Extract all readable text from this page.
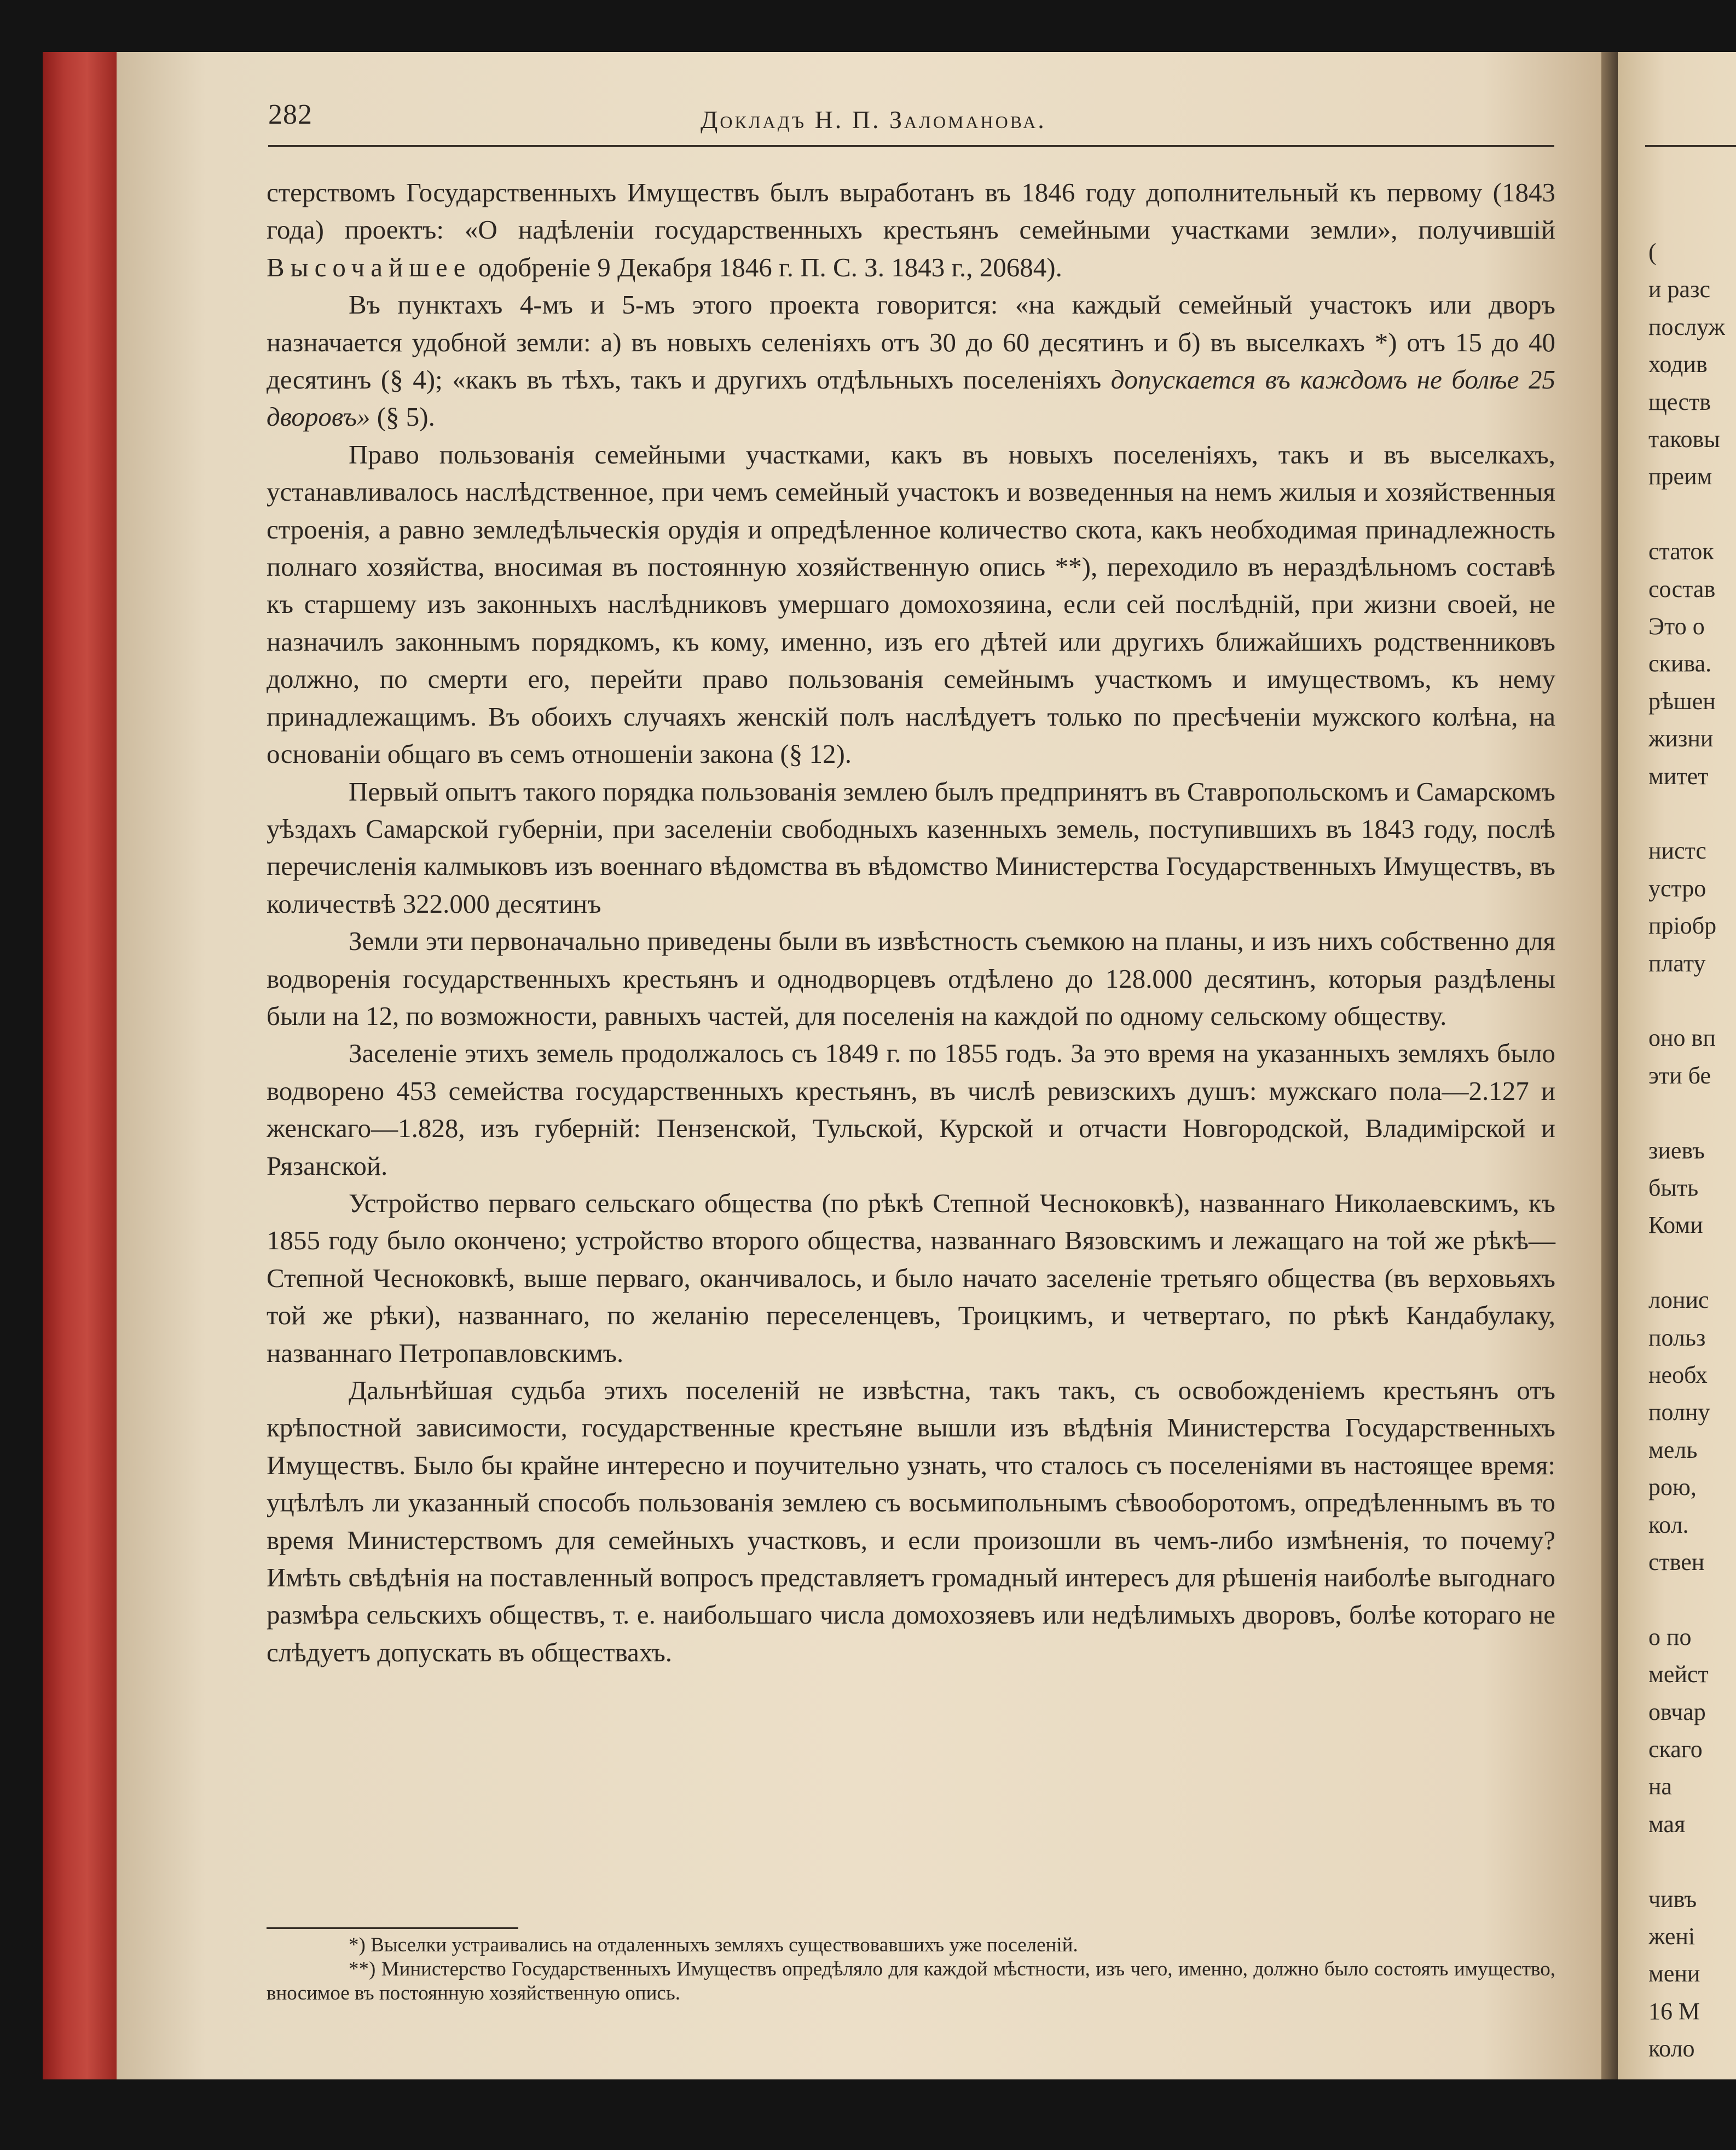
282	Докладъ Н. П. Заломанова.

стерствомъ Государственныхъ Имуществъ былъ выработанъ въ 1846 году дополнительный къ первому (1843 года) проектъ: «О надѣленіи государственныхъ крестьянъ семейными участками земли», получившій Высочайшее одобреніе 9 Декабря 1846 г. П. С. З. 1843 г., 20684).

Въ пунктахъ 4-мъ и 5-мъ этого проекта говорится: «на каждый семейный участокъ или дворъ назначается удобной земли: а) въ новыхъ селеніяхъ отъ 30 до 60 десятинъ и б) въ выселкахъ *) отъ 15 до 40 десятинъ (§ 4); «какъ въ тѣхъ, такъ и другихъ отдѣльныхъ поселеніяхъ допускается въ каждомъ не болѣе 25 дворовъ» (§ 5).

Право пользованія семейными участками, какъ въ новыхъ поселеніяхъ, такъ и въ выселкахъ, устанавливалось наслѣдственное, при чемъ семейный участокъ и возведенныя на немъ жилыя и хозяйственныя строенія, а равно земледѣльческія орудія и опредѣленное количество скота, какъ необходимая принадлежность полнаго хозяйства, вносимая въ постоянную хозяйственную опись **), переходило въ нераздѣльномъ составѣ къ старшему изъ законныхъ наслѣдниковъ умершаго домохозяина, если сей послѣдній, при жизни своей, не назначилъ законнымъ порядкомъ, къ кому, именно, изъ его дѣтей или другихъ ближайшихъ родственниковъ должно, по смерти его, перейти право пользованія семейнымъ участкомъ и имуществомъ, къ нему принадлежащимъ. Въ обоихъ случаяхъ женскій полъ наслѣдуетъ только по пресѣченіи мужского колѣна, на основаніи общаго въ семъ отношеніи закона (§ 12).

Первый опытъ такого порядка пользованія землею былъ предпринятъ въ Ставропольскомъ и Самарскомъ уѣздахъ Самарской губерніи, при заселеніи свободныхъ казенныхъ земель, поступившихъ въ 1843 году, послѣ перечисленія калмыковъ изъ военнаго вѣдомства въ вѣдомство Министерства Государственныхъ Имуществъ, въ количествѣ 322.000 десятинъ

Земли эти первоначально приведены были въ извѣстность съемкою на планы, и изъ нихъ собственно для водворенія государственныхъ крестьянъ и однодворцевъ отдѣлено до 128.000 десятинъ, которыя раздѣлены были на 12, по возможности, равныхъ частей, для поселенія на каждой по одному сельскому обществу.

Заселеніе этихъ земель продолжалось съ 1849 г. по 1855 годъ. За это время на указанныхъ земляхъ было водворено 453 семейства государственныхъ крестьянъ, въ числѣ ревизскихъ душъ: мужскаго пола—2.127 и женскаго—1.828, изъ губерній: Пензенской, Тульской, Курской и отчасти Новгородской, Владимірской и Рязанской.

Устройство перваго сельскаго общества (по рѣкѣ Степной Чесноковкѣ), названнаго Николаевскимъ, къ 1855 году было окончено; устройство второго общества, названнаго Вязовскимъ и лежащаго на той же рѣкѣ—Степной Чесноковкѣ, выше перваго, оканчивалось, и было начато заселеніе третьяго общества (въ верховьяхъ той же рѣки), названнаго, по желанію переселенцевъ, Троицкимъ, и четвертаго, по рѣкѣ Кандабулаку, названнаго Петропавловскимъ.

Дальнѣйшая судьба этихъ поселеній не извѣстна, такъ такъ, съ освобожденіемъ крестьянъ отъ крѣпостной зависимости, государственные крестьяне вышли изъ вѣдѣнія Министерства Государственныхъ Имуществъ. Было бы крайне интересно и поучительно узнать, что сталось съ поселеніями въ настоящее время: уцѣлѣлъ ли указанный способъ пользованія землею съ восьмипольнымъ сѣвооборотомъ, опредѣленнымъ въ то время Министерствомъ для семейныхъ участковъ, и если произошли въ чемъ-либо измѣненія, то почему? Имѣть свѣдѣнія на поставленный вопросъ представляетъ громадный интересъ для рѣшенія наиболѣе выгоднаго размѣра сельскихъ обществъ, т. е. наибольшаго числа домохозяевъ или недѣлимыхъ дворовъ, болѣе котораго не слѣдуетъ допускать въ обществахъ.

*) Выселки устраивались на отдаленныхъ земляхъ существовавшихъ уже поселеній.

**) Министерство Государственныхъ Имуществъ опредѣляло для каждой мѣстности, изъ чего, именно, должно было состоять имущество, вносимое въ постоянную хозяйственную опись.

(
и разс
послуж
ходив
ществ
таковы
преим
статок
состав
Это о
скива.
рѣшен
жизни
митет
нистс
устро
пріобр
плату
оно вп
эти бе
зиевъ
быть
Коми
лонис
польз
необх
полну
мель
рою,
кол.
ствен
о по
мейст
овчар
скаго
на
мая
чивъ
жені
мени
16 М
коло
